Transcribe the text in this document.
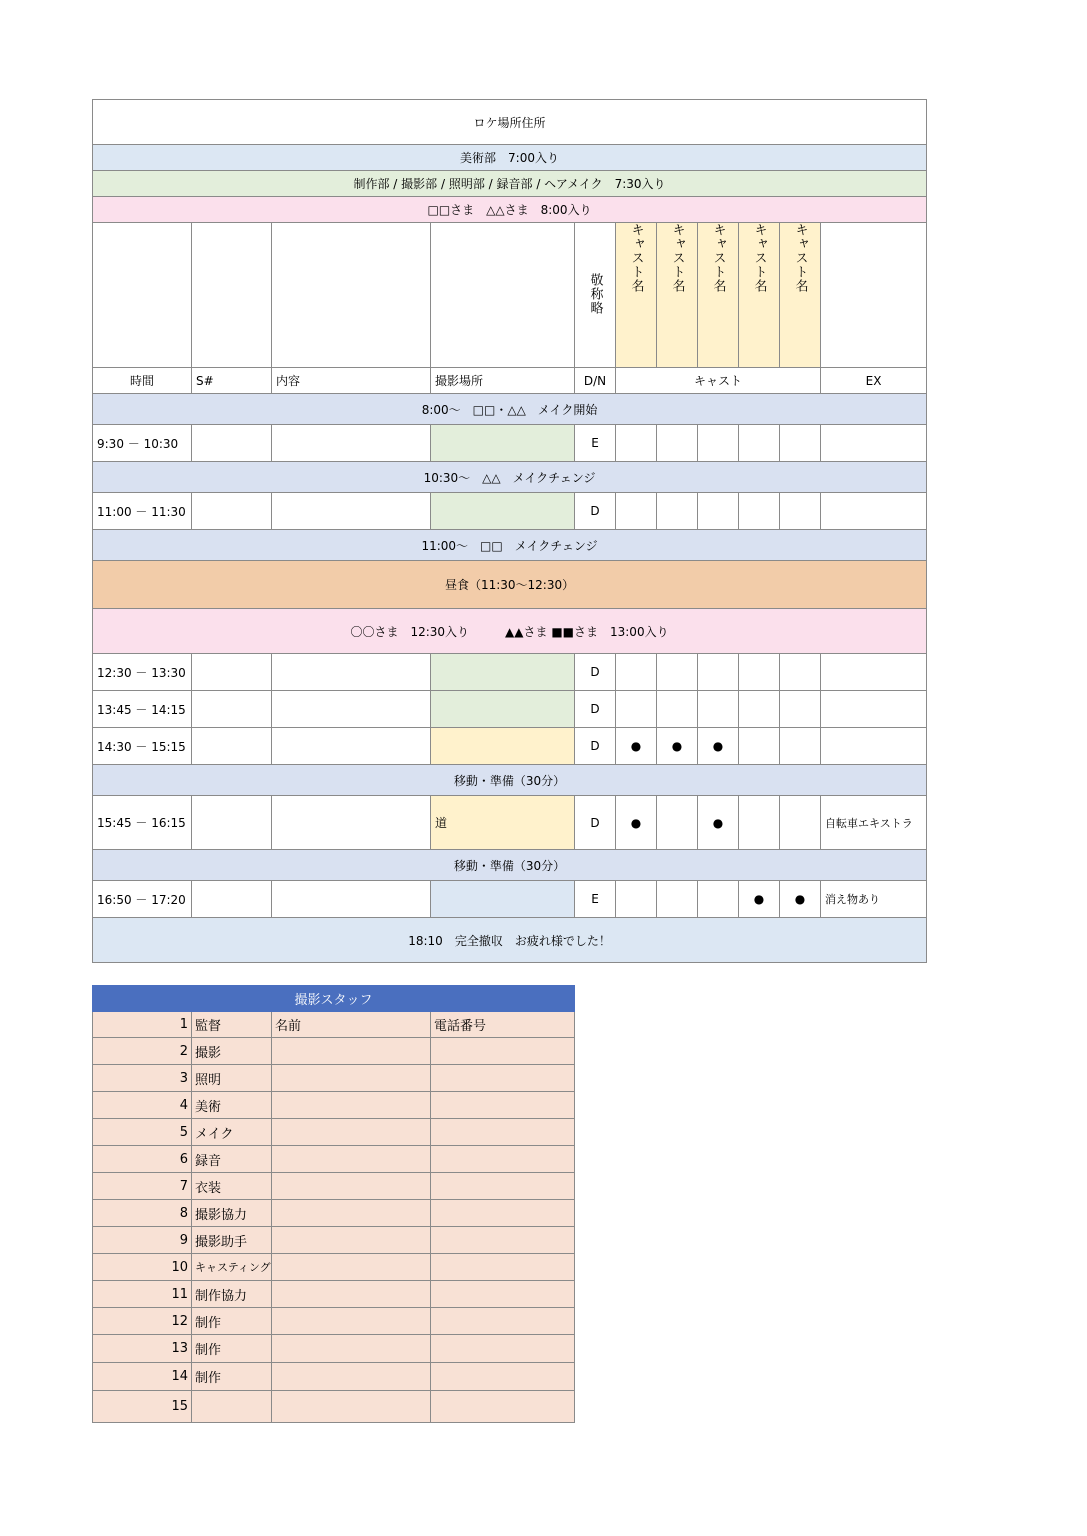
ロケ場所住所										
美術部　7:00入り										
制作部 / 撮影部 / 照明部 / 録音部 / ヘアメイク　7:30入り										
□□さま　△△さま　8:00入り										
				敬称略	キャスト名	キャスト名	キャスト名	キャスト名	キャスト名	
時間	S#	内容	撮影場所	D/N	キャスト					EX
8:00～　□□・△△　メイク開始										
9:30 － 10:30				E						
10:30～　△△　メイクチェンジ										
11:00 － 11:30				D						
11:00～　□□　メイクチェンジ										
昼食（11:30～12:30）										
〇〇さま　12:30入り　　　▲▲さま ■■さま　13:00入り										
12:30 － 13:30				D						
13:45 － 14:15				D						
14:30 － 15:15				D	●	●	●			
移動・準備（30分）										
15:45 － 16:15			道	D	●		●			自転車エキストラ
移動・準備（30分）										
16:50 － 17:20				E				●	●	消え物あり
18:10　完全撤収　お疲れ様でした！										
撮影スタッフ			
1	監督	名前	電話番号
2	撮影		
3	照明		
4	美術		
5	メイク		
6	録音		
7	衣装		
8	撮影協力		
9	撮影助手		
10	キャスティング		
11	制作協力		
12	制作		
13	制作		
14	制作		
15			
